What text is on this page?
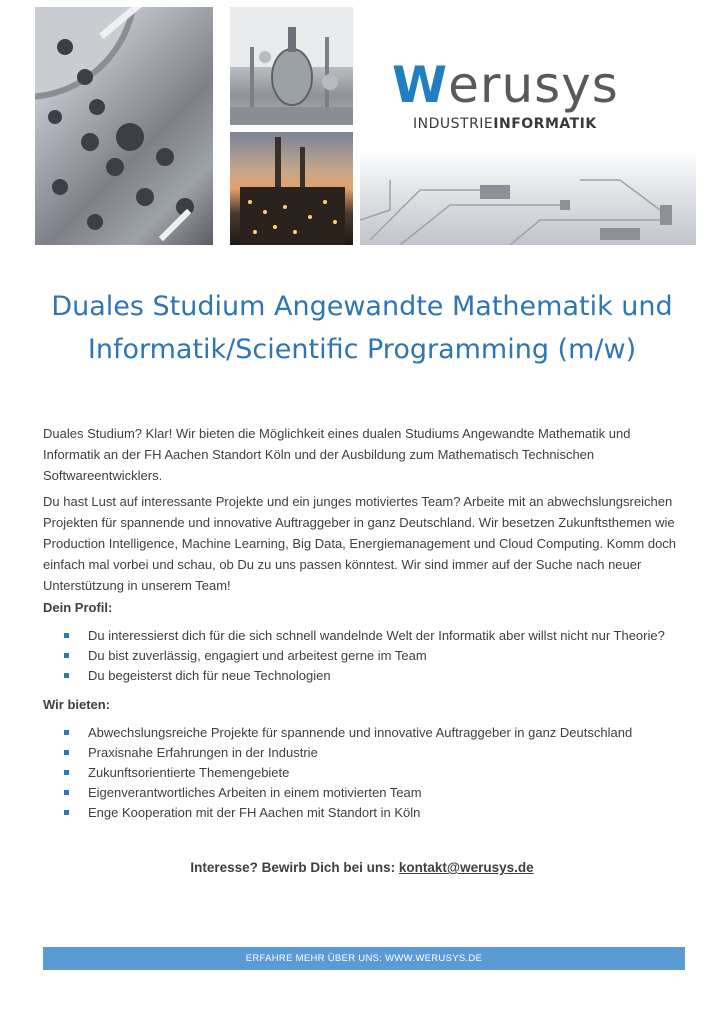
Werusys
INDUSTRIEINFORMATIK
Duales Studium Angewandte Mathematik und
Informatik/Scientific Programming (m/w)

Duales Studium? Klar! Wir bieten die Möglichkeit eines dualen Studiums Angewandte Mathematik und Informatik an der FH Aachen Standort Köln und der Ausbildung zum Mathematisch Technischen Softwareentwicklers.

Du hast Lust auf interessante Projekte und ein junges motiviertes Team? Arbeite mit an abwechslungsreichen Projekten für spannende und innovative Auftraggeber in ganz Deutschland. Wir besetzen Zukunftsthemen wie Production Intelligence, Machine Learning, Big Data, Energiemanagement und Cloud Computing. Komm doch einfach mal vorbei und schau, ob Du zu uns passen könntest. Wir sind immer auf der Suche nach neuer Unterstützung in unserem Team!

Dein Profil:
Du interessierst dich für die sich schnell wandelnde Welt der Informatik aber willst nicht nur Theorie?
Du bist zuverlässig, engagiert und arbeitest gerne im Team
Du begeisterst dich für neue Technologien
Wir bieten:
Abwechslungsreiche Projekte für spannende und innovative Auftraggeber in ganz Deutschland
Praxisnahe Erfahrungen in der Industrie
Zukunftsorientierte Themengebiete
Eigenverantwortliches Arbeiten in einem motivierten Team
Enge Kooperation mit der FH Aachen mit Standort in Köln
Interesse? Bewirb Dich bei uns: kontakt@werusys.de
ERFAHRE MEHR ÜBER UNS: WWW.WERUSYS.DE
